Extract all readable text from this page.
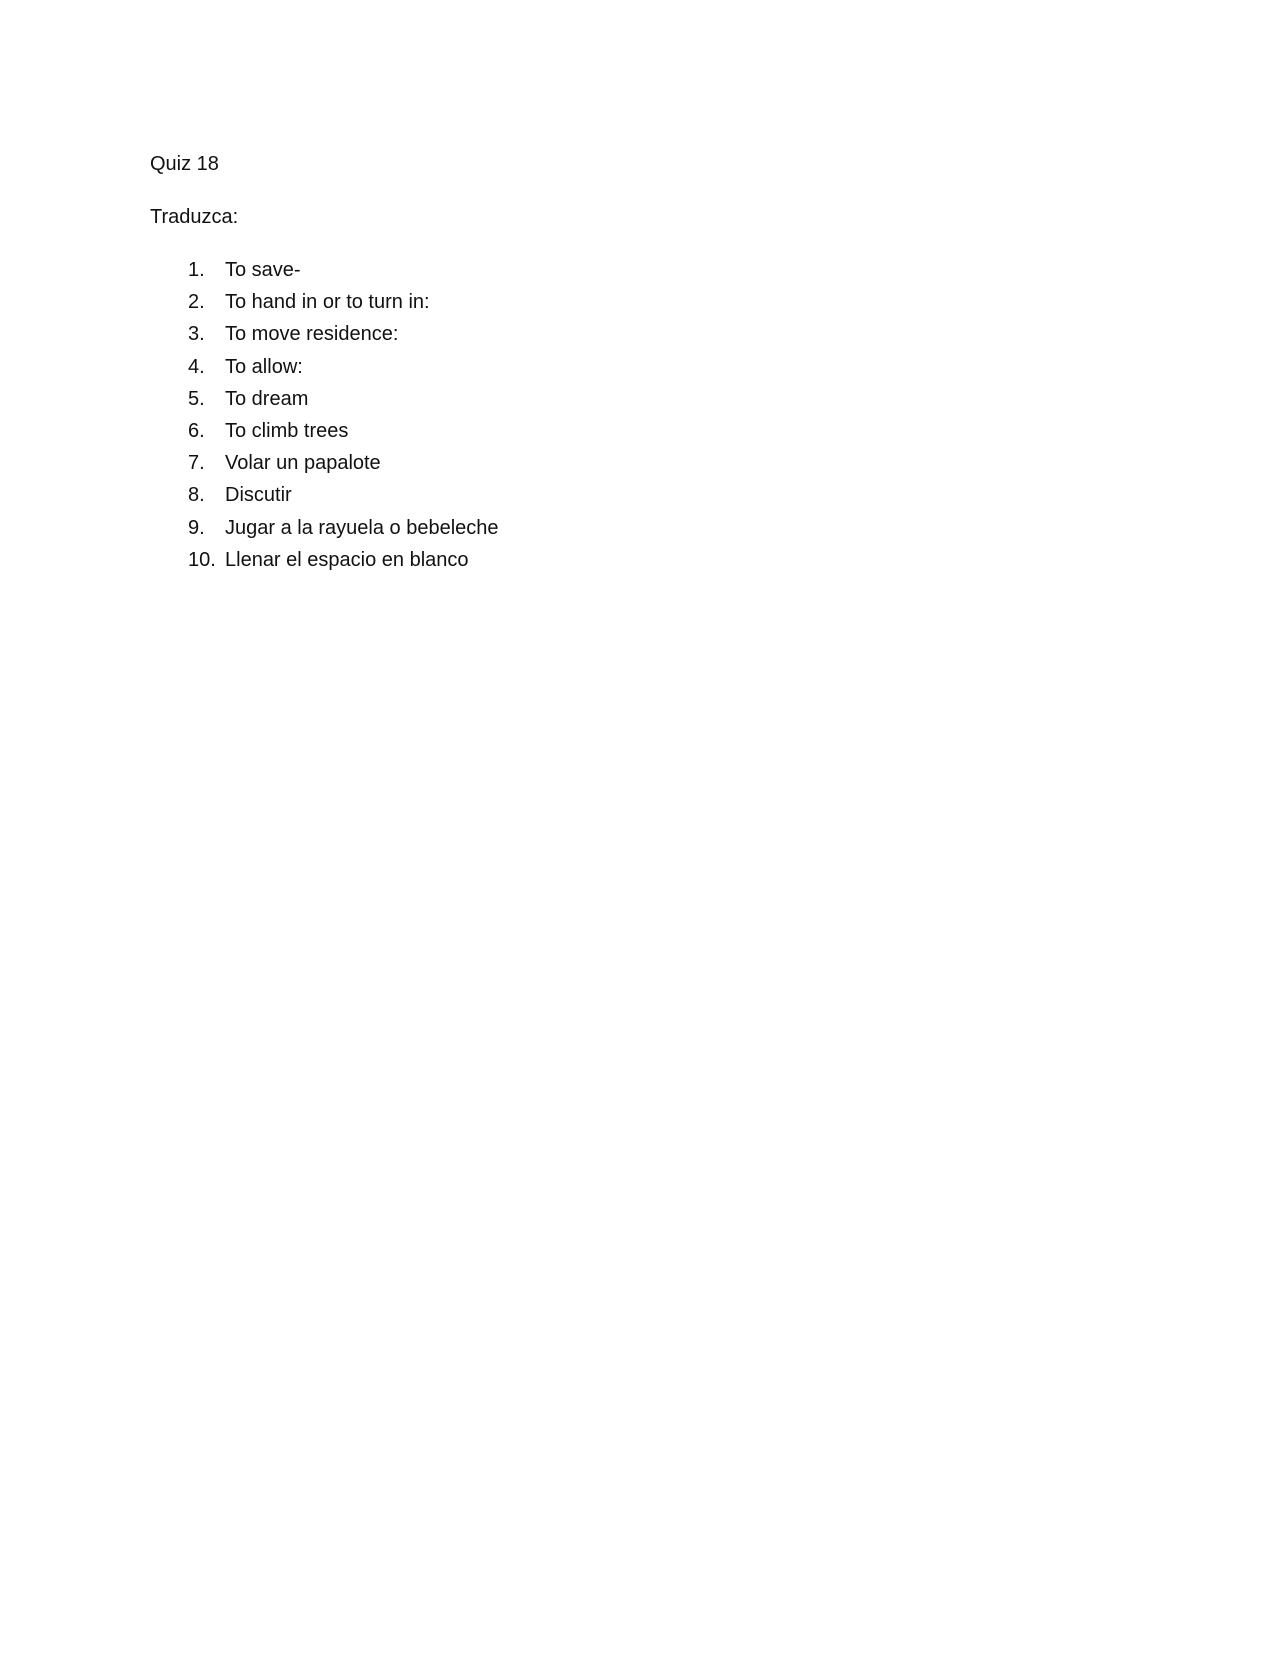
Quiz 18
Traduzca:
1. To save-
2. To hand in or to turn in:
3. To move residence:
4. To allow:
5. To dream
6. To climb trees
7. Volar un papalote
8. Discutir
9. Jugar a la rayuela o bebeleche
10. Llenar el espacio en blanco
